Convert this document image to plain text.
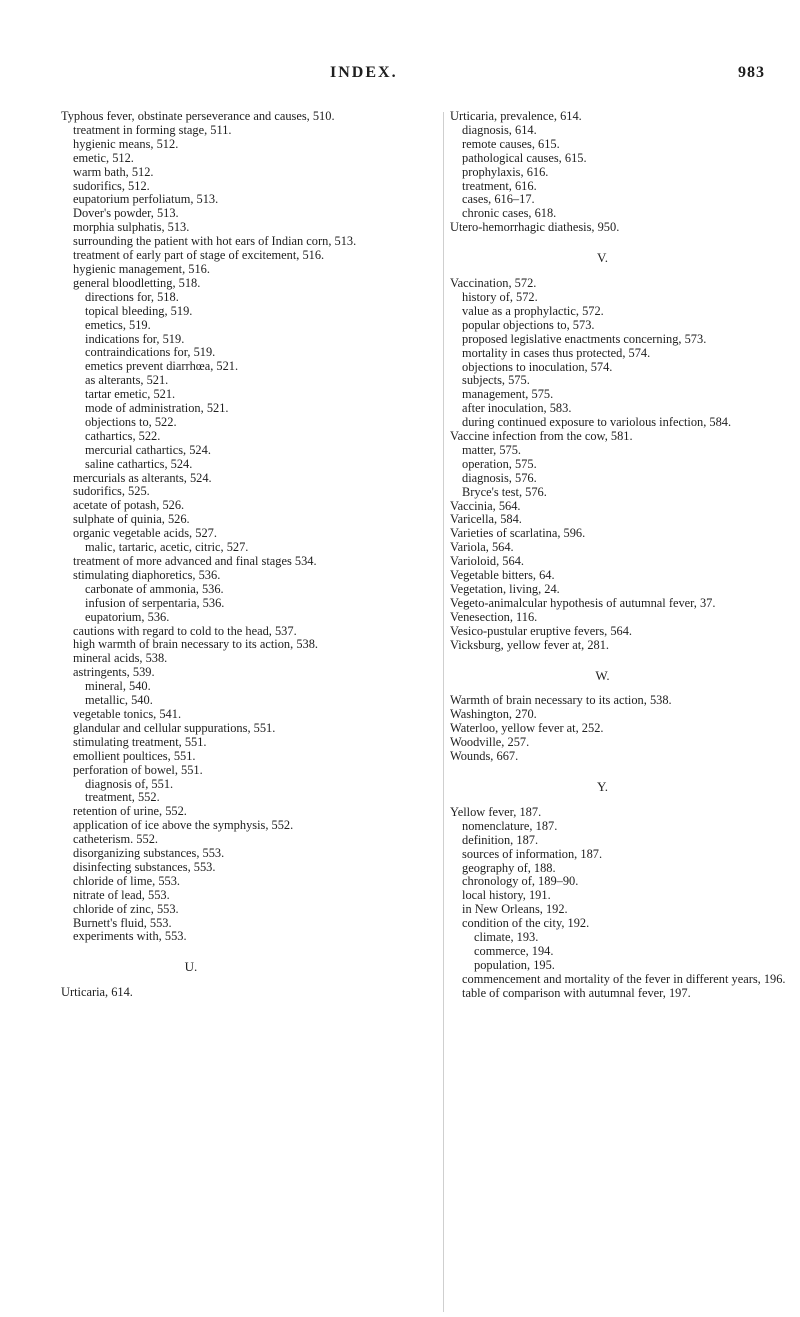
INDEX.	983
Typhous fever, obstinate perseverance and causes, 510.
treatment in forming stage, 511.
hygienic means, 512.
emetic, 512.
warm bath, 512.
sudorifics, 512.
eupatorium perfoliatum, 513.
Dover's powder, 513.
morphia sulphatis, 513.
surrounding the patient with hot ears of Indian corn, 513.
treatment of early part of stage of excitement, 516.
hygienic management, 516.
general bloodletting, 518.
directions for, 518.
topical bleeding, 519.
emetics, 519.
indications for, 519.
contraindications for, 519.
emetics prevent diarrhœa, 521.
as alterants, 521.
tartar emetic, 521.
mode of administration, 521.
objections to, 522.
cathartics, 522.
mercurial cathartics, 524.
saline cathartics, 524.
mercurials as alterants, 524.
sudorifics, 525.
acetate of potash, 526.
sulphate of quinia, 526.
organic vegetable acids, 527.
malic, tartaric, acetic, citric, 527.
treatment of more advanced and final stages 534.
stimulating diaphoretics, 536.
carbonate of ammonia, 536.
infusion of serpentaria, 536.
eupatorium, 536.
cautions with regard to cold to the head, 537.
high warmth of brain necessary to its action, 538.
mineral acids, 538.
astringents, 539.
mineral, 540.
metallic, 540.
vegetable tonics, 541.
glandular and cellular suppurations, 551.
stimulating treatment, 551.
emollient poultices, 551.
perforation of bowel, 551.
diagnosis of, 551.
treatment, 552.
retention of urine, 552.
application of ice above the symphysis, 552.
catheterism. 552.
disorganizing substances, 553.
disinfecting substances, 553.
chloride of lime, 553.
nitrate of lead, 553.
chloride of zinc, 553.
Burnett's fluid, 553.
experiments with, 553.
U.
Urticaria, 614.
Urticaria, prevalence, 614.
diagnosis, 614.
remote causes, 615.
pathological causes, 615.
prophylaxis, 616.
treatment, 616.
cases, 616–17.
chronic cases, 618.
Utero-hemorrhagic diathesis, 950.
V.
Vaccination, 572.
history of, 572.
value as a prophylactic, 572.
popular objections to, 573.
proposed legislative enactments concerning, 573.
mortality in cases thus protected, 574.
objections to inoculation, 574.
subjects, 575.
management, 575.
after inoculation, 583.
during continued exposure to variolous infection, 584.
Vaccine infection from the cow, 581.
matter, 575.
operation, 575.
diagnosis, 576.
Bryce's test, 576.
Vaccinia, 564.
Varicella, 584.
Varieties of scarlatina, 596.
Variola, 564.
Varioloid, 564.
Vegetable bitters, 64.
Vegetation, living, 24.
Vegeto-animalcular hypothesis of autumnal fever, 37.
Venesection, 116.
Vesico-pustular eruptive fevers, 564.
Vicksburg, yellow fever at, 281.
W.
Warmth of brain necessary to its action, 538.
Washington, 270.
Waterloo, yellow fever at, 252.
Woodville, 257.
Wounds, 667.
Y.
Yellow fever, 187.
nomenclature, 187.
definition, 187.
sources of information, 187.
geography of, 188.
chronology of, 189–90.
local history, 191.
in New Orleans, 192.
condition of the city, 192.
climate, 193.
commerce, 194.
population, 195.
commencement and mortality of the fever in different years, 196.
table of comparison with autumnal fever, 197.
